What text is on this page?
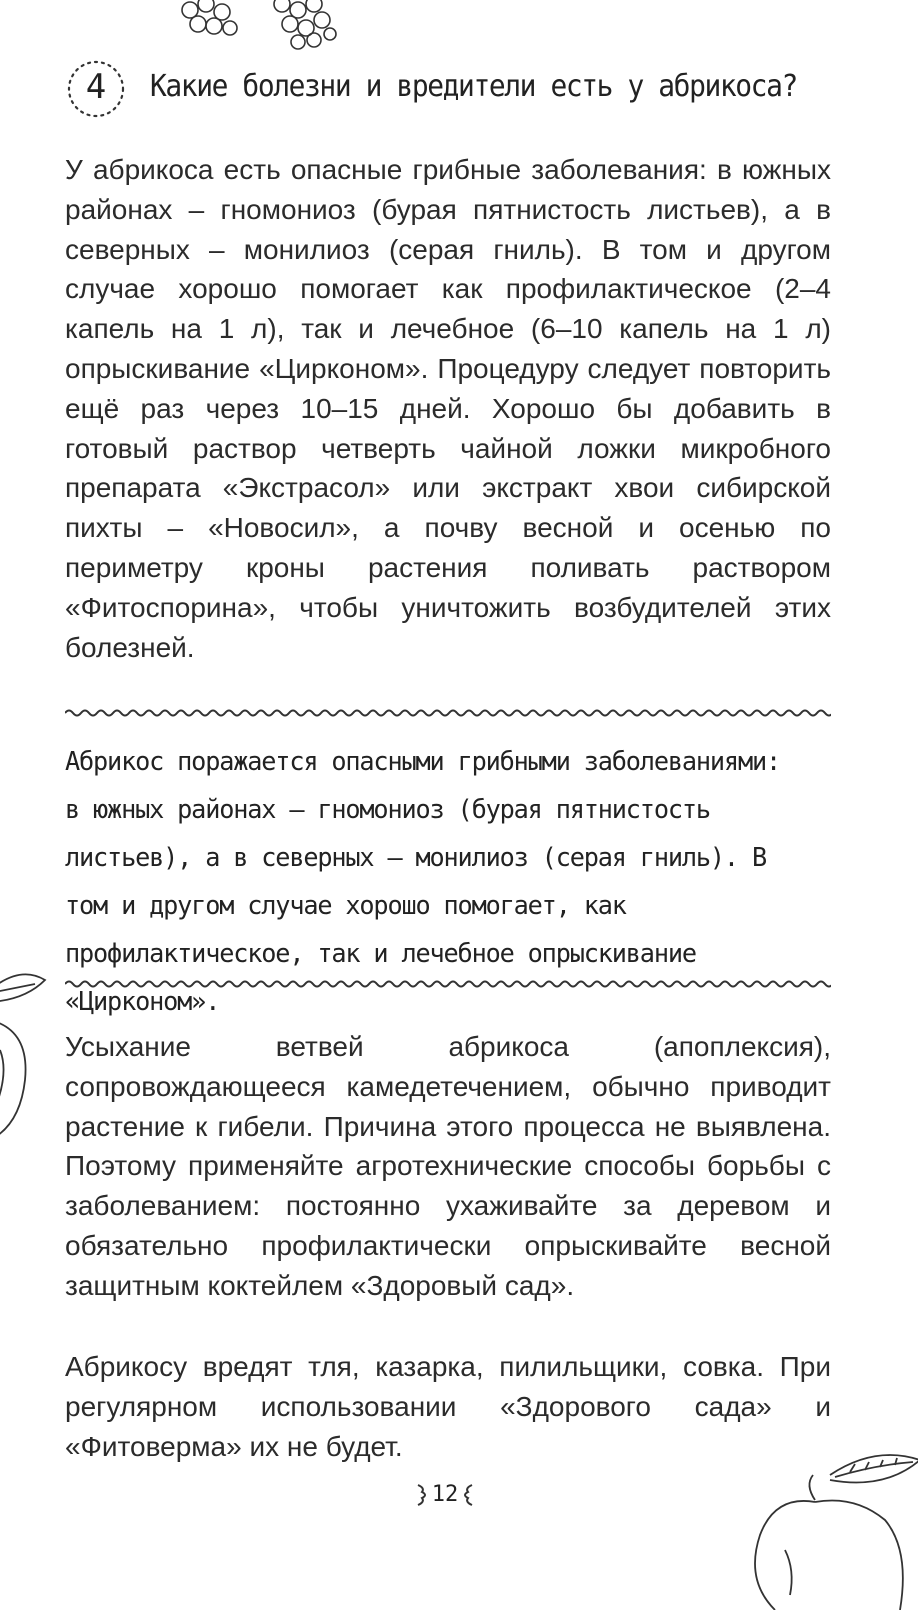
4	Какие болезни и вредители есть у абрикоса?

У абрикоса есть опасные грибные заболевания: в южных районах – гномониоз (бурая пятнистость листьев), а в северных – монилиоз (серая гниль). В том и другом случае хорошо помогает как профилактическое (2–4 капель на 1 л), так и лечебное (6–10 капель на 1 л) опрыскивание «Цирконом». Процедуру следует повторить ещё раз через 10–15 дней. Хорошо бы добавить в готовый раствор четверть чайной ложки микробного препарата «Экстрасол» или экстракт хвои сибирской пихты – «Новосил», а почву весной и осенью по периметру кроны растения поливать раствором «Фитоспорина», чтобы уничтожить возбудителей этих болезней.

Абрикос поражается опасными грибными заболеваниями: в южных районах – гномониоз (бурая пятнистость листьев), а в северных – монилиоз (серая гниль). В том и другом случае хорошо помогает, как профилактическое, так и лечебное опрыскивание «Цирконом».

Усыхание ветвей абрикоса (апоплексия), сопровождающееся камедетечением, обычно приводит растение к гибели. Причина этого процесса не выявлена. Поэтому применяйте агротехнические способы борьбы с заболеванием: постоянно ухаживайте за деревом и обязательно профилактически опрыскивайте весной защитным коктейлем «Здоровый сад».

Абрикосу вредят тля, казарка, пилильщики, совка. При регулярном использовании «Здорового сада» и «Фитоверма» их не будет.

12
